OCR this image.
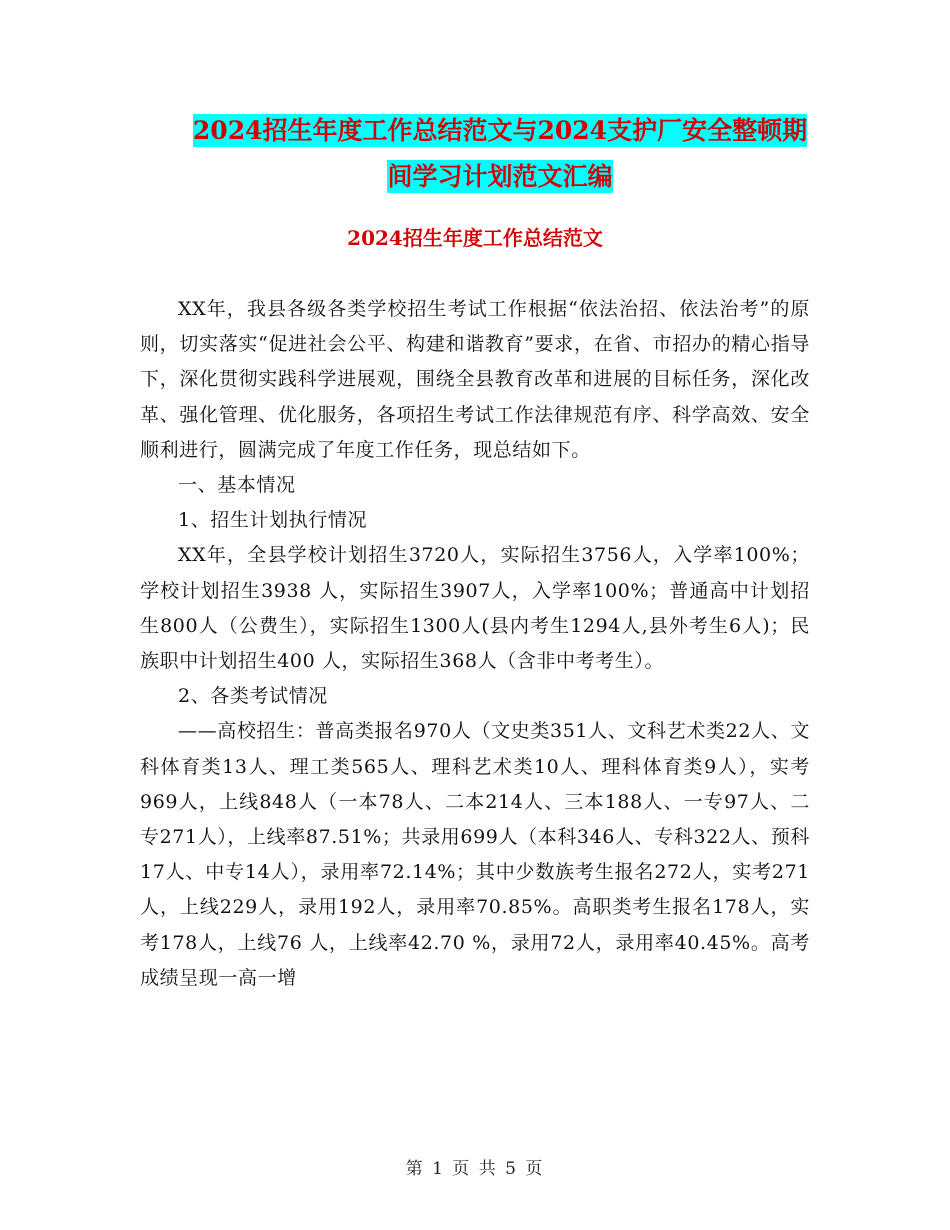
2024招生年度工作总结范文与2024支护厂安全整顿期
间学习计划范文汇编
2024招生年度工作总结范文

XX年，我县各级各类学校招生考试工作根据“依法治招、依法治考”的原则，切实落实“促进社会公平、构建和谐教育”要求，在省、市招办的精心指导下，深化贯彻实践科学进展观，围绕全县教育改革和进展的目标任务，深化改革、强化管理、优化服务，各项招生考试工作法律规范有序、科学高效、安全顺利进行，圆满完成了年度工作任务，现总结如下。

一、基本情况

1、招生计划执行情况

XX年，全县学校计划招生3720人，实际招生3756人，入学率100%；学校计划招生3938 人，实际招生3907人，入学率100%；普通高中计划招生800人（公费生），实际招生1300人(县内考生1294人,县外考生6人)；民族职中计划招生400 人，实际招生368人（含非中考考生）。

2、各类考试情况

——高校招生：普高类报名970人（文史类351人、文科艺术类22人、文科体育类13人、理工类565人、理科艺术类10人、理科体育类9人），实考969人，上线848人（一本78人、二本214人、三本188人、一专97人、二专271人），上线率87.51%；共录用699人（本科346人、专科322人、预科17人、中专14人），录用率72.14%；其中少数族考生报名272人，实考271人，上线229人，录用192人，录用率70.85%。高职类考生报名178人，实考178人，上线76 人，上线率42.70 %，录用72人，录用率40.45%。高考成绩呈现一高一增

第 1 页 共 5 页
